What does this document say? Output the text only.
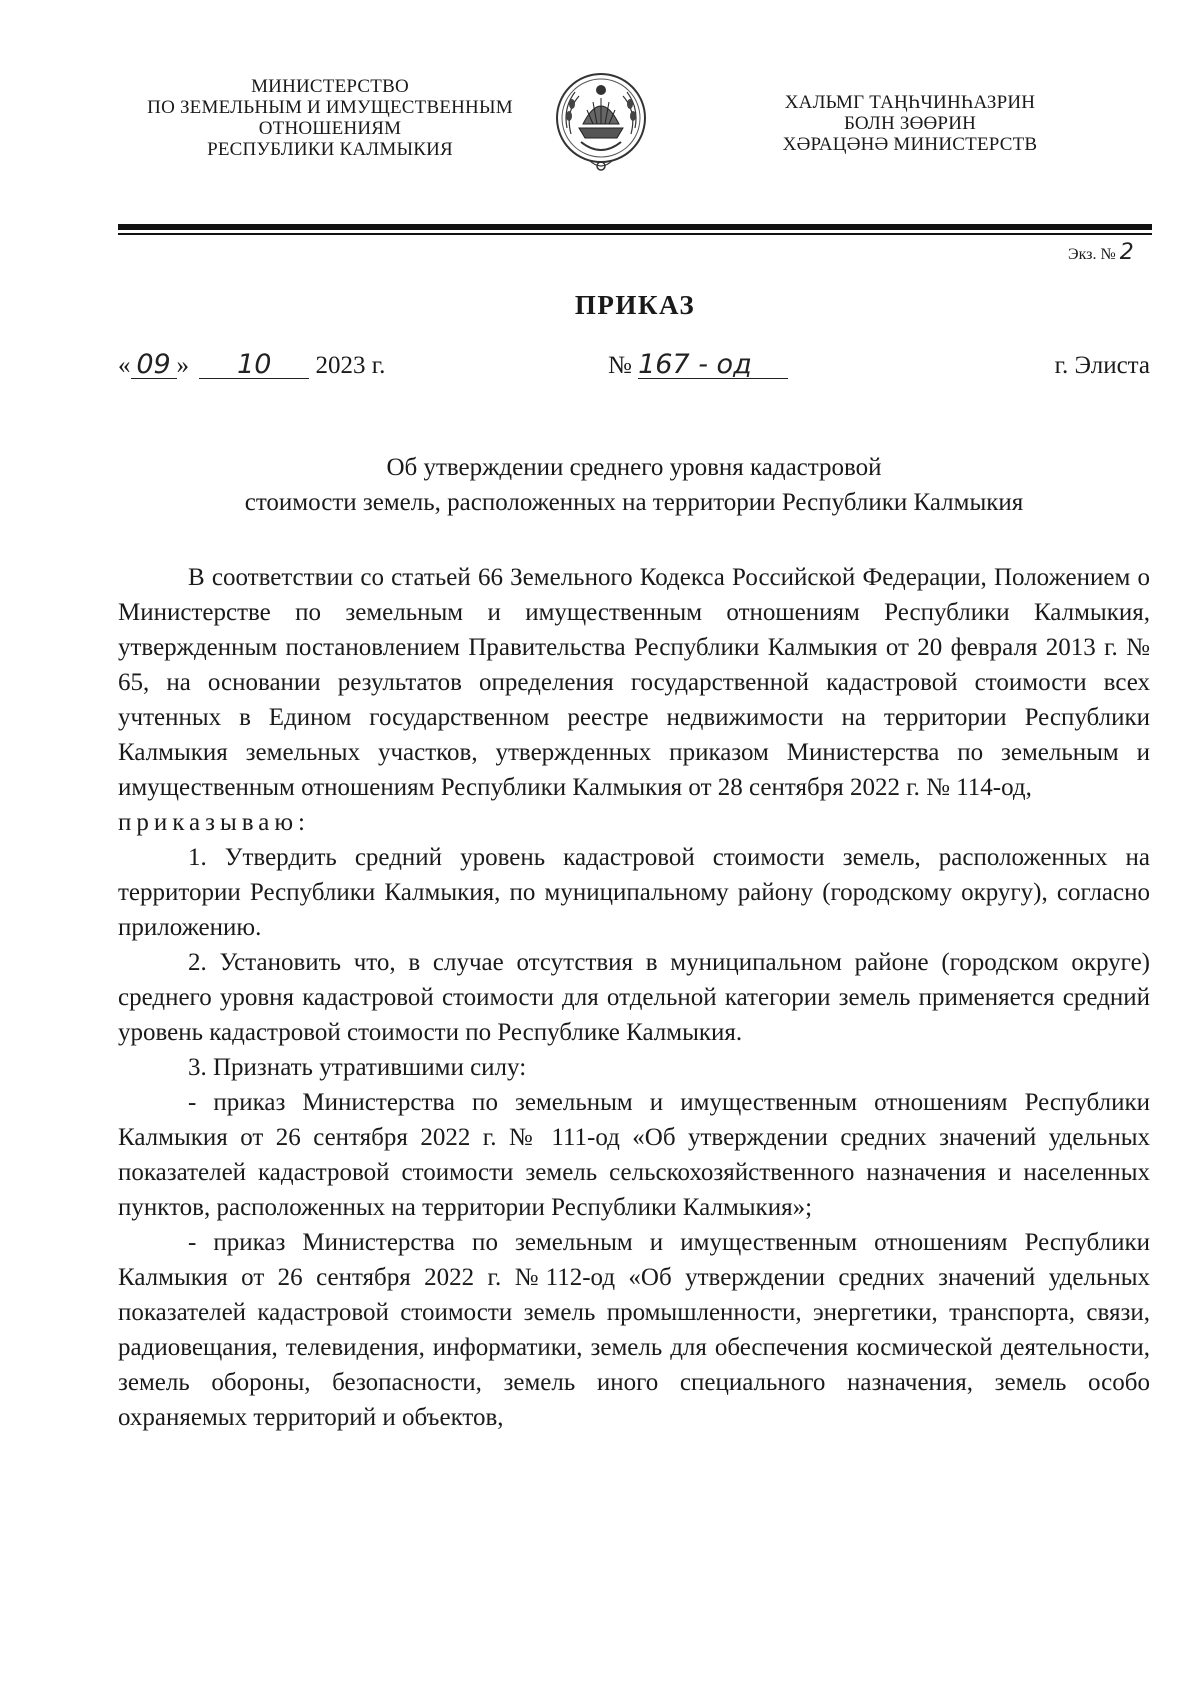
МИНИСТЕРСТВО
ПО ЗЕМЕЛЬНЫМ И ИМУЩЕСТВЕННЫМ
ОТНОШЕНИЯМ
РЕСПУБЛИКИ КАЛМЫКИЯ
ХАЛЬМГ ТАҢҺЧИНҺАЗРИН
БОЛН ЗӨӨРИН
ХӘРАЦӘНӘ МИНИСТЕРСТВ
Экз. № 2
ПРИКАЗ
« 09 » 10 2023 г.	№ 167 - од	г. Элиста
Об утверждении среднего уровня кадастровой
стоимости земель, расположенных на территории Республики Калмыкия

В соответствии со статьей 66 Земельного Кодекса Российской Федерации, Положением о Министерстве по земельным и имущественным отношениям Республики Калмыкия, утвержденным постановлением Правительства Республики Калмыкия от 20 февраля 2013 г. № 65, на основании результатов определения государственной кадастровой стоимости всех учтенных в Едином государственном реестре недвижимости на территории Республики Калмыкия земельных участков, утвержденных приказом Министерства по земельным и имущественным отношениям Республики Калмыкия от 28 сентября 2022 г. № 114-од,

приказываю:

1. Утвердить средний уровень кадастровой стоимости земель, расположенных на территории Республики Калмыкия, по муниципальному району (городскому округу), согласно приложению.

2. Установить что, в случае отсутствия в муниципальном районе (городском округе) среднего уровня кадастровой стоимости для отдельной категории земель применяется средний уровень кадастровой стоимости по Республике Калмыкия.

3. Признать утратившими силу:

- приказ Министерства по земельным и имущественным отношениям Республики Калмыкия от 26 сентября 2022 г. № 111-од «Об утверждении средних значений удельных показателей кадастровой стоимости земель сельскохозяйственного назначения и населенных пунктов, расположенных на территории Республики Калмыкия»;

- приказ Министерства по земельным и имущественным отношениям Республики Калмыкия от 26 сентября 2022 г. №112-од «Об утверждении средних значений удельных показателей кадастровой стоимости земель промышленности, энергетики, транспорта, связи, радиовещания, телевидения, информатики, земель для обеспечения космической деятельности, земель обороны, безопасности, земель иного специального назначения, земель особо охраняемых территорий и объектов,
